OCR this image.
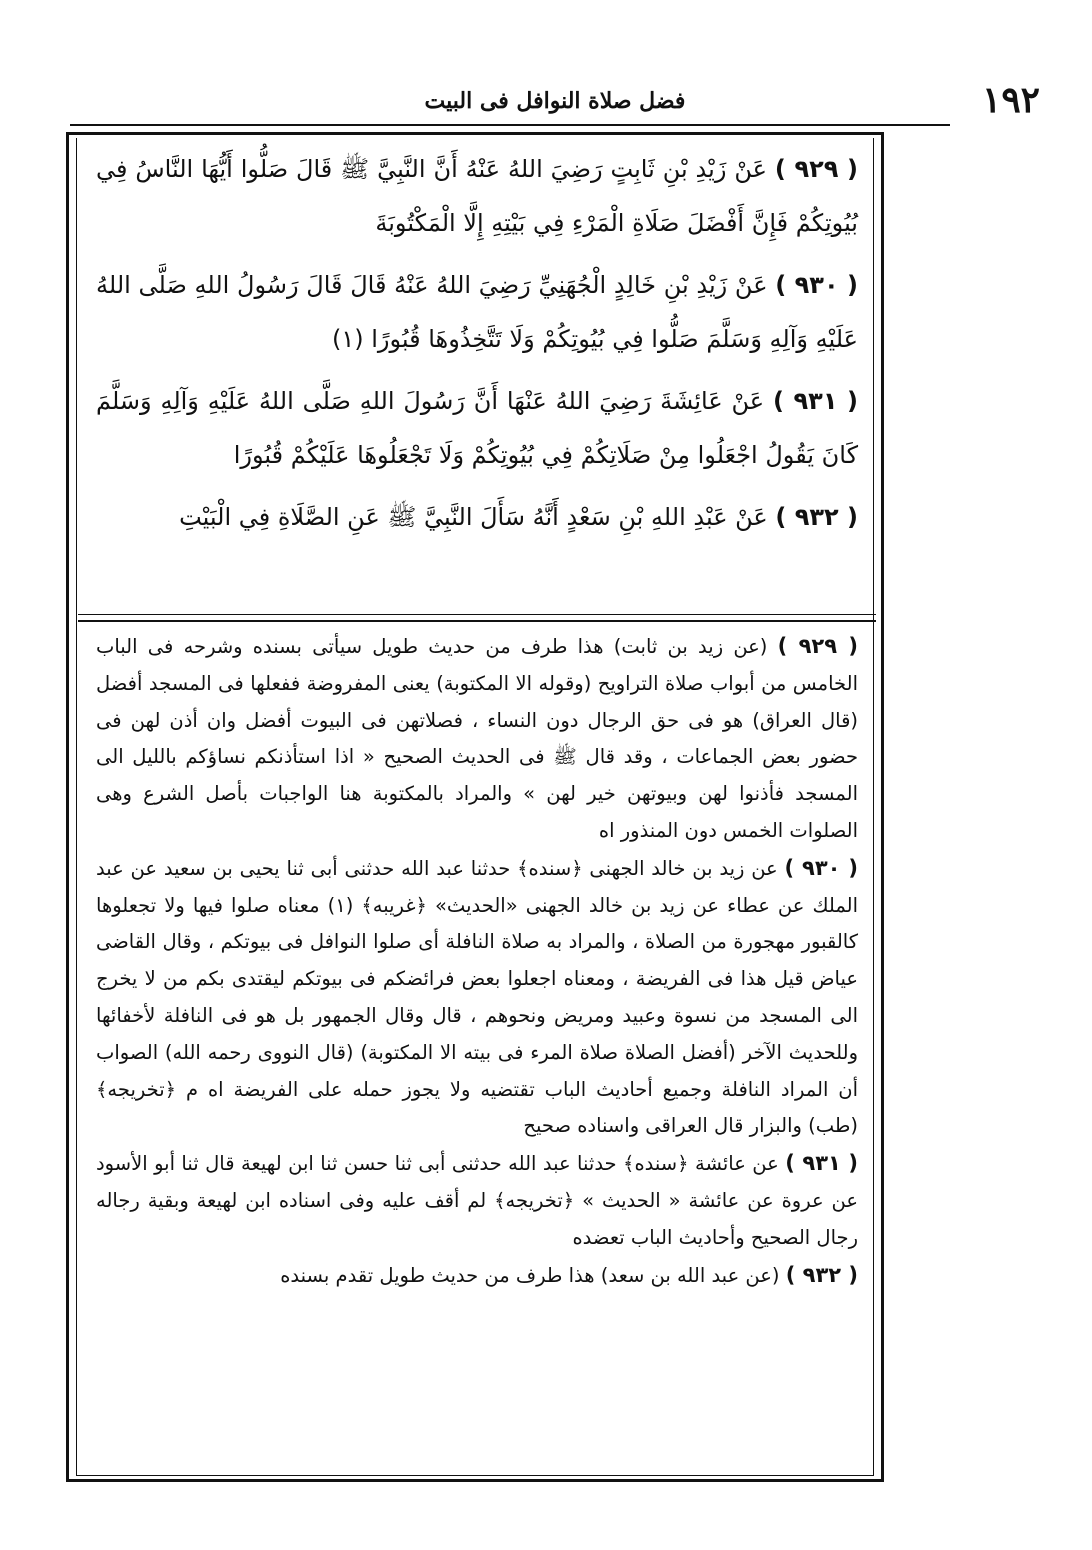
١٩٢
فضل صلاة النوافل فى البيت

( ٩٢٩ ) عَنْ زَيْدِ بْنِ ثَابِتٍ رَضِيَ اللهُ عَنْهُ أَنَّ النَّبِيَّ ﷺ قَالَ صَلُّوا أَيُّهَا النَّاسُ فِي بُيُوتِكُمْ فَإِنَّ أَفْضَلَ صَلَاةِ الْمَرْءِ فِي بَيْتِهِ إِلَّا الْمَكْتُوبَةَ

( ٩٣٠ ) عَنْ زَيْدِ بْنِ خَالِدٍ الْجُهَنِيِّ رَضِيَ اللهُ عَنْهُ قَالَ قَالَ رَسُولُ اللهِ صَلَّى اللهُ عَلَيْهِ وَآلِهِ وَسَلَّمَ صَلُّوا فِي بُيُوتِكُمْ وَلَا تَتَّخِذُوهَا قُبُورًا (١)

( ٩٣١ ) عَنْ عَائِشَةَ رَضِيَ اللهُ عَنْهَا أَنَّ رَسُولَ اللهِ صَلَّى اللهُ عَلَيْهِ وَآلِهِ وَسَلَّمَ كَانَ يَقُولُ اجْعَلُوا مِنْ صَلَاتِكُمْ فِي بُيُوتِكُمْ وَلَا تَجْعَلُوهَا عَلَيْكُمْ قُبُورًا

( ٩٣٢ ) عَنْ عَبْدِ اللهِ بْنِ سَعْدٍ أَنَّهُ سَأَلَ النَّبِيَّ ﷺ عَنِ الصَّلَاةِ فِي الْبَيْتِ

( ٩٢٩ ) (عن زيد بن ثابت) هذا طرف من حديث طويل سيأتى بسنده وشرحه فى الباب الخامس من أبواب صلاة التراويح (وقوله الا المكتوبة) يعنى المفروضة ففعلها فى المسجد أفضل (قال العراق) هو فى حق الرجال دون النساء ، فصلاتهن فى البيوت أفضل وان أذن لهن فى حضور بعض الجماعات ، وقد قال ﷺ فى الحديث الصحيح « اذا استأذنكم نساؤكم بالليل الى المسجد فأذنوا لهن وبيوتهن خير لهن » والمراد بالمكتوبة هنا الواجبات بأصل الشرع وهى الصلوات الخمس دون المنذور اه

( ٩٣٠ ) عن زيد بن خالد الجهنى ﴿سنده﴾ حدثنا عبد الله حدثنى أبى ثنا يحيى بن سعيد عن عبد الملك عن عطاء عن زيد بن خالد الجهنى «الحديث» ﴿غريبه﴾ (١) معناه صلوا فيها ولا تجعلوها كالقبور مهجورة من الصلاة ، والمراد به صلاة النافلة أى صلوا النوافل فى بيوتكم ، وقال القاضى عياض قيل هذا فى الفريضة ، ومعناه اجعلوا بعض فرائضكم فى بيوتكم ليقتدى بكم من لا يخرج الى المسجد من نسوة وعبيد ومريض ونحوهم ، قال وقال الجمهور بل هو فى النافلة لأخفائها وللحديث الآخر (أفضل الصلاة صلاة المرء فى بيته الا المكتوبة) (قال النووى رحمه الله) الصواب أن المراد النافلة وجميع أحاديث الباب تقتضيه ولا يجوز حمله على الفريضة اه م ﴿تخريجه﴾ (طب) والبزار قال العراقى واسناده صحيح

( ٩٣١ ) عن عائشة ﴿سنده﴾ حدثنا عبد الله حدثنى أبى ثنا حسن ثنا ابن لهيعة قال ثنا أبو الأسود عن عروة عن عائشة « الحديث » ﴿تخريجه﴾ لم أقف عليه وفى اسناده ابن لهيعة وبقية رجاله رجال الصحيح وأحاديث الباب تعضده

( ٩٣٢ ) (عن عبد الله بن سعد) هذا طرف من حديث طويل تقدم بسنده
